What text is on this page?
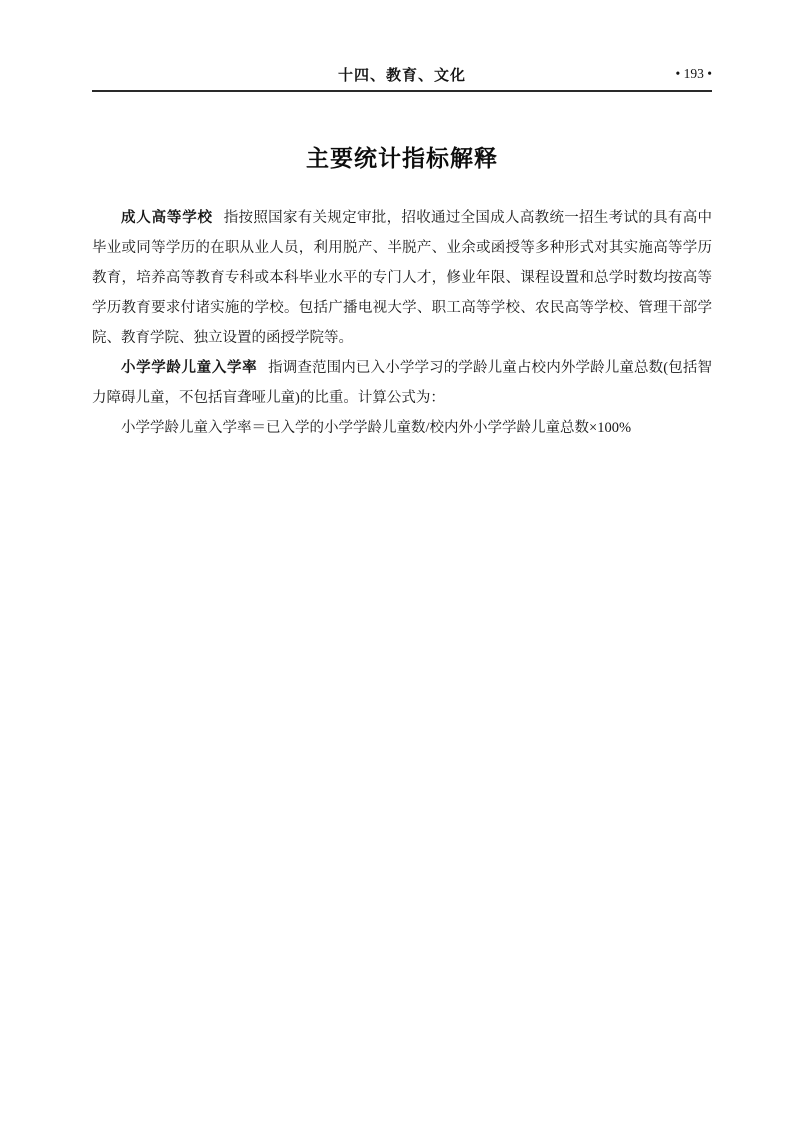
十四、教育、文化	• 193 •
主要统计指标解释

成人高等学校 指按照国家有关规定审批，招收通过全国成人高教统一招生考试的具有高中毕业或同等学历的在职从业人员，利用脱产、半脱产、业余或函授等多种形式对其实施高等学历教育，培养高等教育专科或本科毕业水平的专门人才，修业年限、课程设置和总学时数均按高等学历教育要求付诸实施的学校。包括广播电视大学、职工高等学校、农民高等学校、管理干部学院、教育学院、独立设置的函授学院等。

小学学龄儿童入学率 指调查范围内已入小学学习的学龄儿童占校内外学龄儿童总数(包括智力障碍儿童，不包括盲聋哑儿童)的比重。计算公式为：

小学学龄儿童入学率＝已入学的小学学龄儿童数/校内外小学学龄儿童总数×100%
